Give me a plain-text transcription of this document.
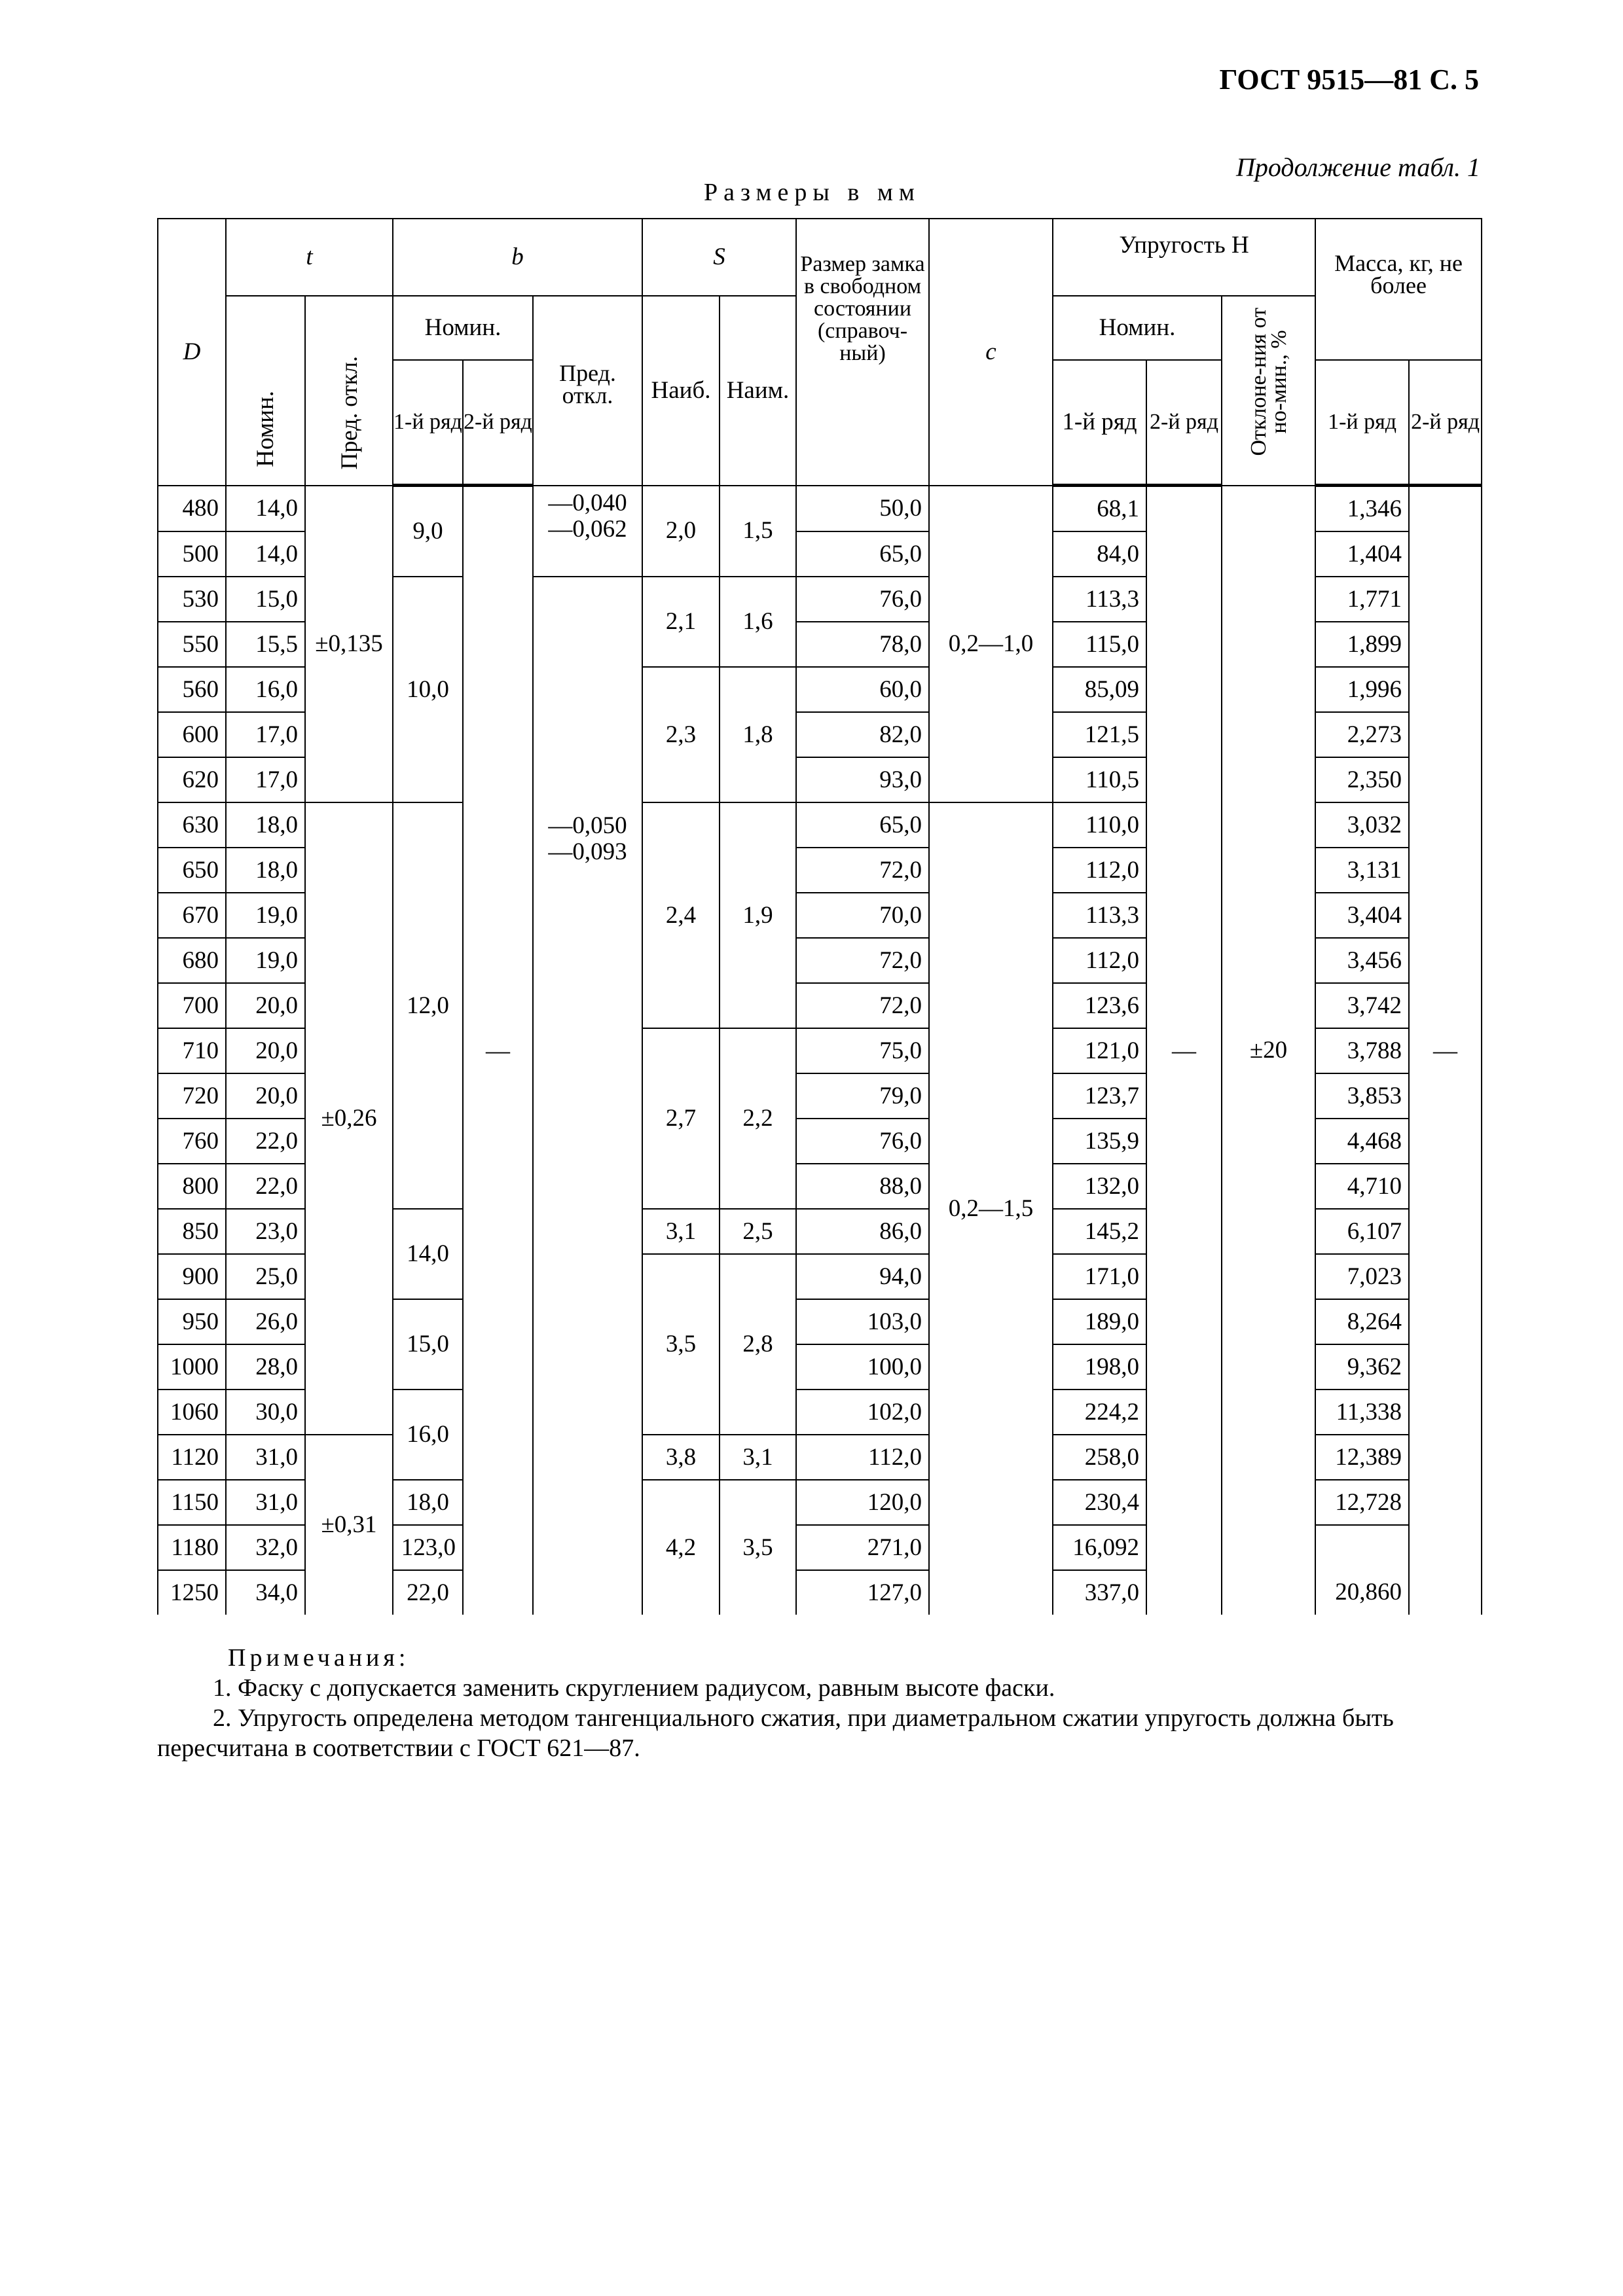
ГОСТ 9515—81 С. 5
Продолжение табл. 1
Размеры в мм
D	t		b			S		Размер замка в свободном состоянии (справоч-ный)	c	Упругость Н			Масса, кг, не более	
	Номин.	Пред. откл.	Номин.		Пред. откл.	Наиб.	Наим.			Номин.		Отклоне-ния от но-мин., %		
			1-й ряд	2-й ряд						1-й ряд	2-й ряд		1-й ряд	2-й ряд
480	14,0	±0,135	9,0	—	—0,040 —0,062	2,0	1,5	50,0	0,2—1,0	68,1	—	±20	1,346	—
500	14,0							65,0		84,0			1,404	
530	15,0		10,0		—0,050 —0,093	2,1	1,6	76,0		113,3			1,771	
550	15,5							78,0		115,0			1,899	
560	16,0					2,3	1,8	60,0		85,09			1,996	
600	17,0							82,0		121,5			2,273	
620	17,0							93,0		110,5			2,350	
630	18,0	±0,26	12,0			2,4	1,9	65,0	0,2—1,5	110,0			3,032	
650	18,0							72,0		112,0			3,131	
670	19,0							70,0		113,3			3,404	
680	19,0							72,0		112,0			3,456	
700	20,0							72,0		123,6			3,742	
710	20,0					2,7	2,2	75,0		121,0			3,788	
720	20,0							79,0		123,7			3,853	
760	22,0							76,0		135,9			4,468	
800	22,0							88,0		132,0			4,710	
850	23,0		14,0			3,1	2,5	86,0		145,2			6,107	
900	25,0					3,5	2,8	94,0		171,0			7,023	
950	26,0		15,0					103,0		189,0			8,264	
1000	28,0							100,0		198,0			9,362	
1060	30,0		16,0					102,0		224,2			11,338	
1120	31,0	±0,31				3,8	3,1	112,0		258,0			12,389	
1150	31,0		18,0			4,2	3,5	120,0		230,4			12,728	
1180	32,0		123,0					271,0		16,092				
1250	34,0		22,0					127,0		337,0			20,860	
Примечания:
1. Фаску c допускается заменить скруглением радиусом, равным высоте фаски.
2. Упругость определена методом тангенциального сжатия, при диаметральном сжатии упругость должна быть пересчитана в соответствии с ГОСТ 621—87.
